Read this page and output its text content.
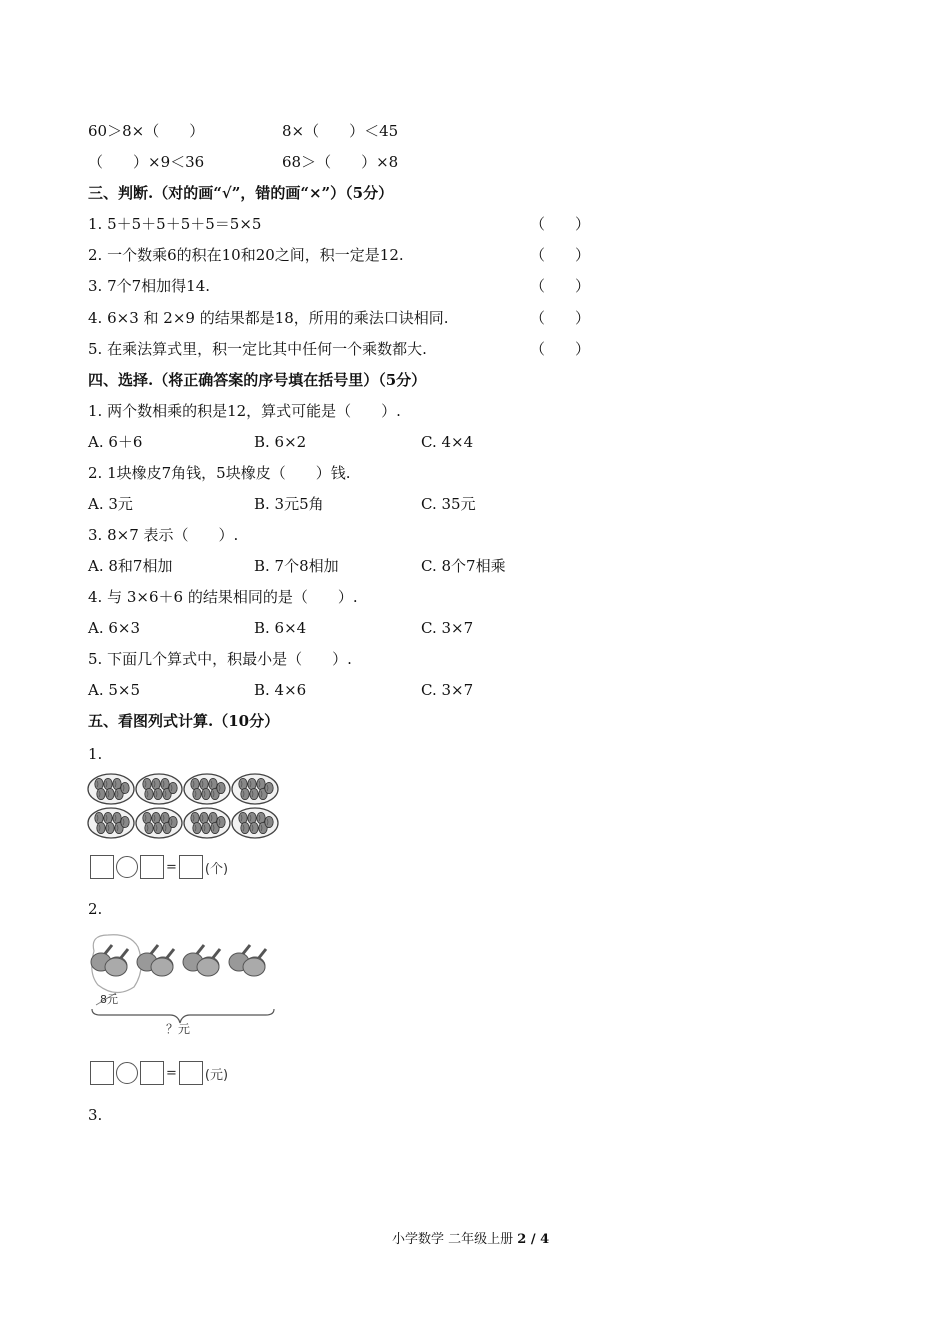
60＞8×（　　）	8×（　　）＜45
（　　）×9＜36	68＞（　　）×8
三、判断.（对的画“√”，错的画“×”）（5分）
1. 5＋5＋5＋5＋5＝5×5	（　　）
2. 一个数乘6的积在10和20之间，积一定是12.	（　　）
3. 7个7相加得14.	（　　）
4. 6×3 和 2×9 的结果都是18，所用的乘法口诀相同.	（　　）
5. 在乘法算式里，积一定比其中任何一个乘数都大.	（　　）
四、选择.（将正确答案的序号填在括号里）（5分）
1. 两个数相乘的积是12，算式可能是（　　）.
A. 6＋6	B. 6×2	C. 4×4
2. 1块橡皮7角钱，5块橡皮（　　）钱.
A. 3元	B. 3元5角	C. 35元
3. 8×7 表示（　　）.
A. 8和7相加	B. 7个8相加	C. 8个7相乘
4. 与 3×6＋6 的结果相同的是（　　）.
A. 6×3	B. 6×4	C. 3×7
5. 下面几个算式中，积最小是（　　）.
A. 5×5	B. 4×6	C. 3×7
五、看图列式计算.（10分）
1.
= (个)
2.
8元
？元
= (元)
3.
小学数学 二年级上册 2 / 4
